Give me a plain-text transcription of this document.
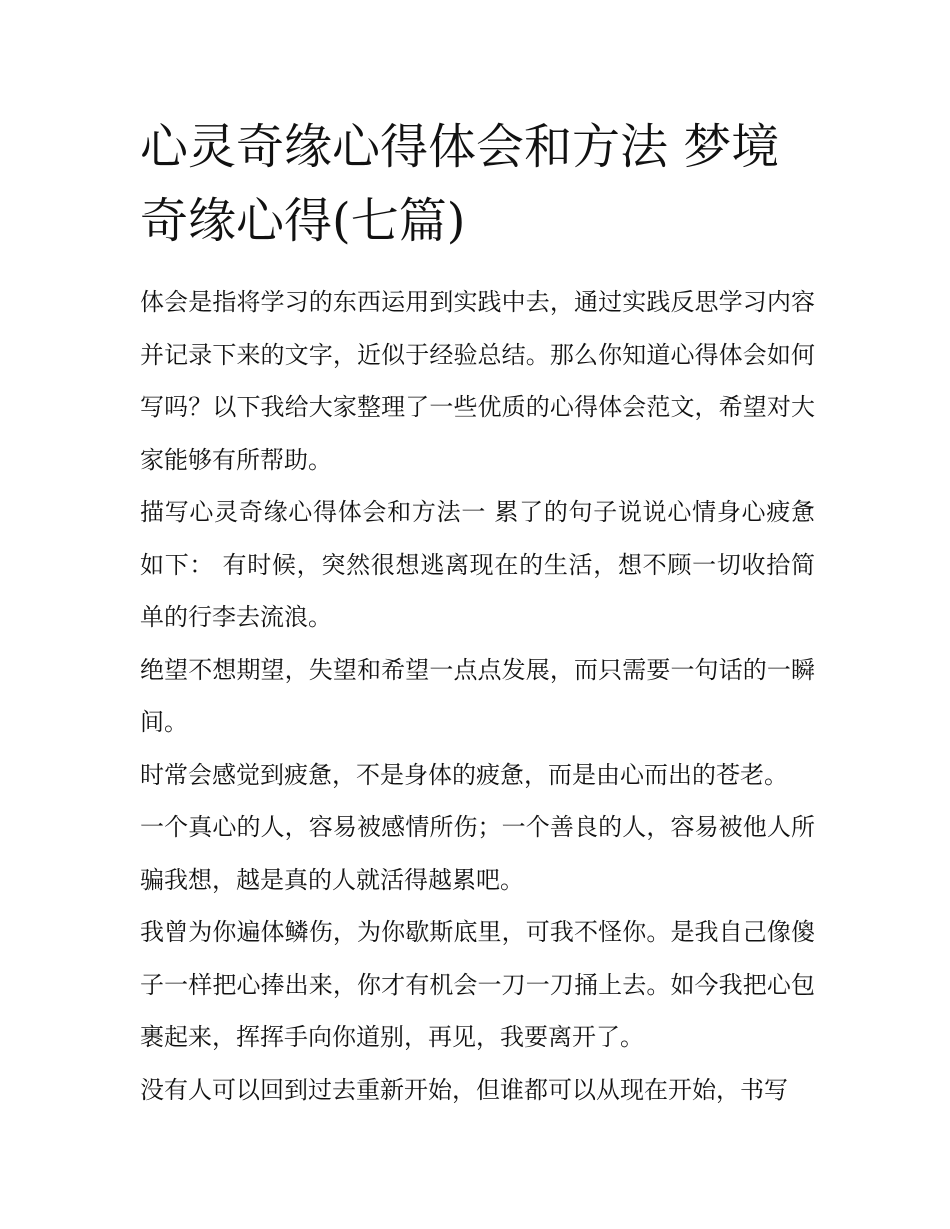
心灵奇缘心得体会和方法 梦境奇缘心得(七篇)

体会是指将学习的东西运用到实践中去，通过实践反思学习内容并记录下来的文字，近似于经验总结。那么你知道心得体会如何写吗？以下我给大家整理了一些优质的心得体会范文，希望对大家能够有所帮助。

描写心灵奇缘心得体会和方法一 累了的句子说说心情身心疲惫如下： 有时候，突然很想逃离现在的生活，想不顾一切收拾简单的行李去流浪。

绝望不想期望，失望和希望一点点发展，而只需要一句话的一瞬间。

时常会感觉到疲惫，不是身体的疲惫，而是由心而出的苍老。

一个真心的人，容易被感情所伤；一个善良的人，容易被他人所骗我想，越是真的人就活得越累吧。

我曾为你遍体鳞伤，为你歇斯底里，可我不怪你。是我自己像傻子一样把心捧出来，你才有机会一刀一刀捅上去。如今我把心包裹起来，挥挥手向你道别，再见，我要离开了。

没有人可以回到过去重新开始，但谁都可以从现在开始，书写
